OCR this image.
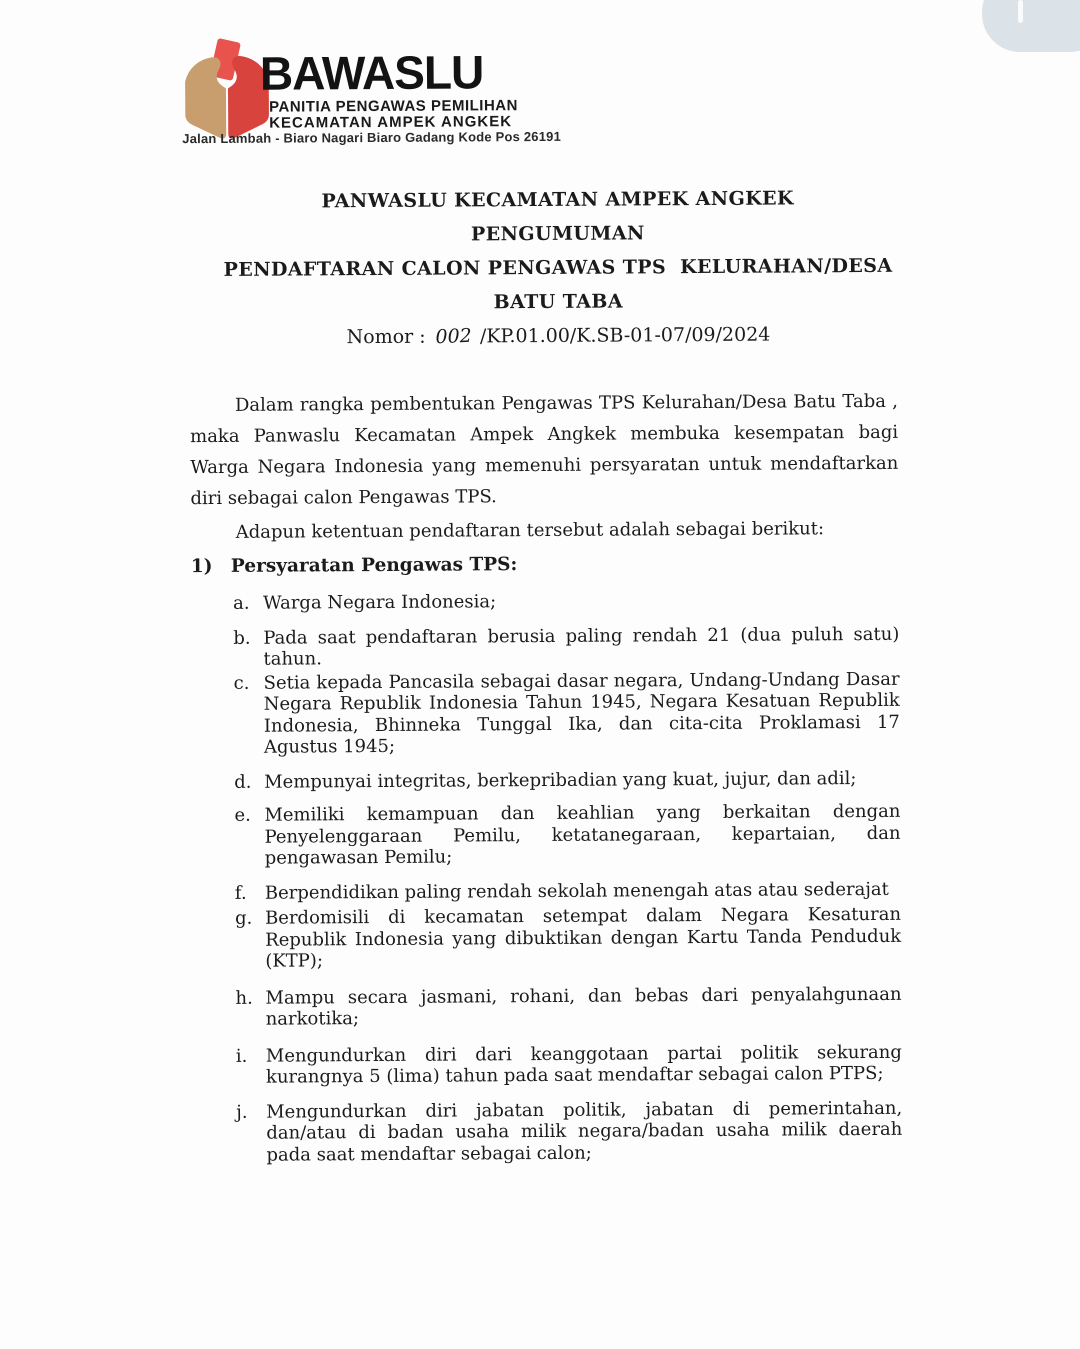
BAWASLU
PANITIA PENGAWAS PEMILIHAN
KECAMATAN AMPEK ANGKEK
Jalan Lambah - Biaro Nagari Biaro Gadang Kode Pos 26191
PANWASLU KECAMATAN AMPEK ANGKEK
PENGUMUMAN
PENDAFTARAN CALON PENGAWAS TPS  KELURAHAN/DESA
BATU TABA
Nomor : 002 /KP.01.00/K.SB-01-07/09/2024

Dalam rangka pembentukan Pengawas TPS Kelurahan/Desa Batu Taba , maka Panwaslu Kecamatan Ampek Angkek membuka kesempatan bagi Warga Negara Indonesia yang memenuhi persyaratan untuk mendaftarkan diri sebagai calon Pengawas TPS.

Adapun ketentuan pendaftaran tersebut adalah sebagai berikut:

1) Persyaratan Pengawas TPS:
a. Warga Negara Indonesia;
b. Pada saat pendaftaran berusia paling rendah 21 (dua puluh satu) tahun.
c. Setia kepada Pancasila sebagai dasar negara, Undang-Undang Dasar Negara Republik Indonesia Tahun 1945, Negara Kesatuan Republik Indonesia, Bhinneka Tunggal Ika, dan cita-cita Proklamasi 17 Agustus 1945;
d. Mempunyai integritas, berkepribadian yang kuat, jujur, dan adil;
e. Memiliki kemampuan dan keahlian yang berkaitan dengan Penyelenggaraan Pemilu, ketatanegaraan, kepartaian, dan pengawasan Pemilu;
f.	Berpendidikan paling rendah sekolah menengah atas atau sederajat
g. Berdomisili di kecamatan setempat dalam Negara Kesaturan Republik Indonesia yang dibuktikan dengan Kartu Tanda Penduduk (KTP);
h. Mampu secara jasmani, rohani, dan bebas dari penyalahgunaan narkotika;
i.	Mengundurkan diri dari keanggotaan partai politik sekurang kurangnya 5 (lima) tahun pada saat mendaftar sebagai calon PTPS;
j.	Mengundurkan diri jabatan politik, jabatan di pemerintahan, dan/atau di badan usaha milik negara/badan usaha milik daerah pada saat mendaftar sebagai calon;
